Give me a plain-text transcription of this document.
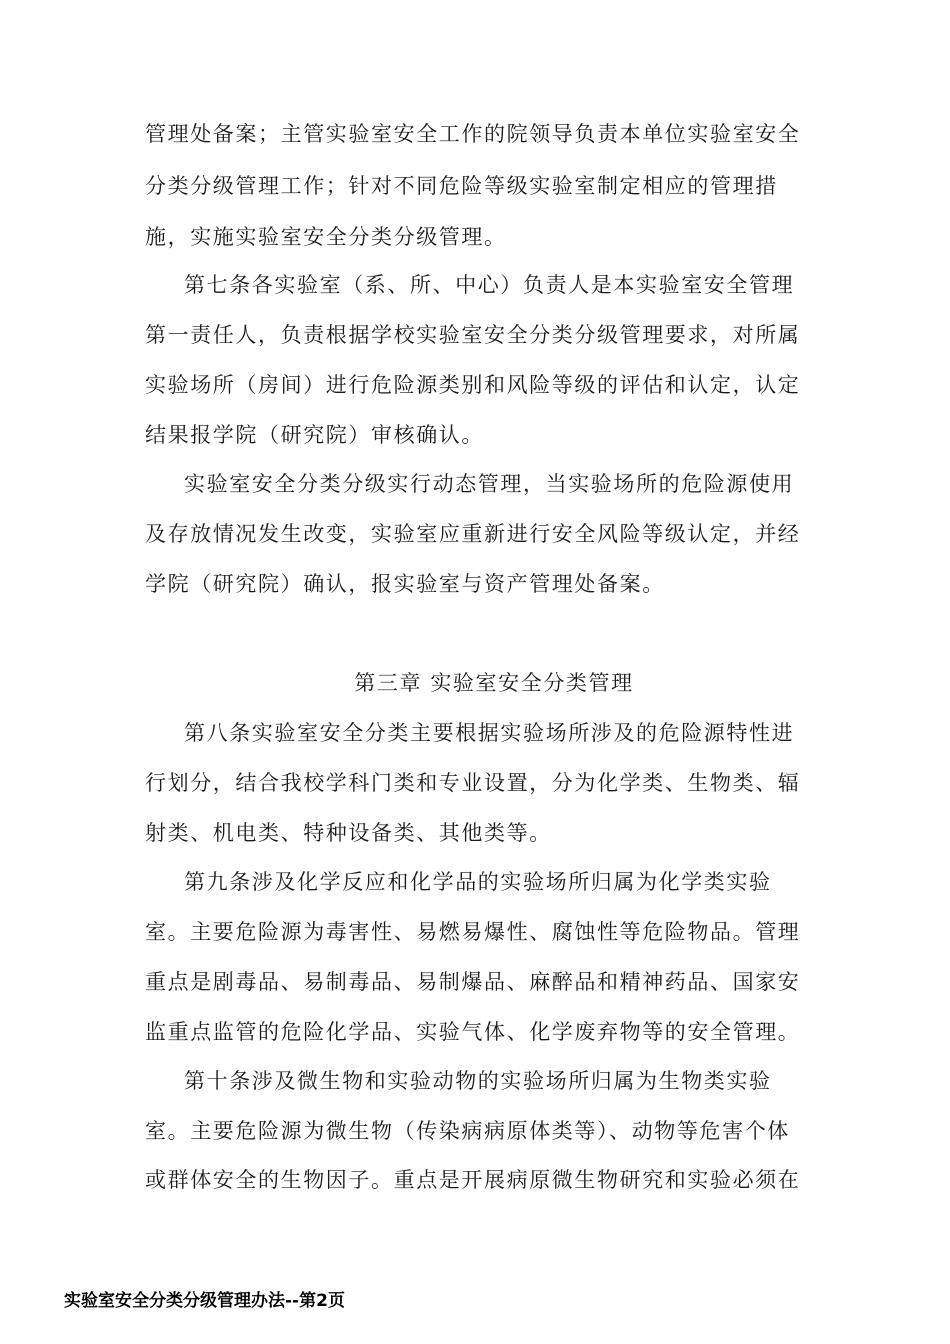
管理处备案；主管实验室安全工作的院领导负责本单位实验室安全
分类分级管理工作；针对不同危险等级实验室制定相应的管理措
施，实施实验室安全分类分级管理。
第七条各实验室（系、所、中心）负责人是本实验室安全管理
第一责任人，负责根据学校实验室安全分类分级管理要求，对所属
实验场所（房间）进行危险源类别和风险等级的评估和认定，认定
结果报学院（研究院）审核确认。
实验室安全分类分级实行动态管理，当实验场所的危险源使用
及存放情况发生改变，实验室应重新进行安全风险等级认定，并经
学院（研究院）确认，报实验室与资产管理处备案。
第三章 实验室安全分类管理
第八条实验室安全分类主要根据实验场所涉及的危险源特性进
行划分，结合我校学科门类和专业设置，分为化学类、生物类、辐
射类、机电类、特种设备类、其他类等。
第九条涉及化学反应和化学品的实验场所归属为化学类实验
室。主要危险源为毒害性、易燃易爆性、腐蚀性等危险物品。管理
重点是剧毒品、易制毒品、易制爆品、麻醉品和精神药品、国家安
监重点监管的危险化学品、实验气体、化学废弃物等的安全管理。
第十条涉及微生物和实验动物的实验场所归属为生物类实验
室。主要危险源为微生物（传染病病原体类等）、动物等危害个体
或群体安全的生物因子。重点是开展病原微生物研究和实验必须在
实验室安全分类分级管理办法--第2页
